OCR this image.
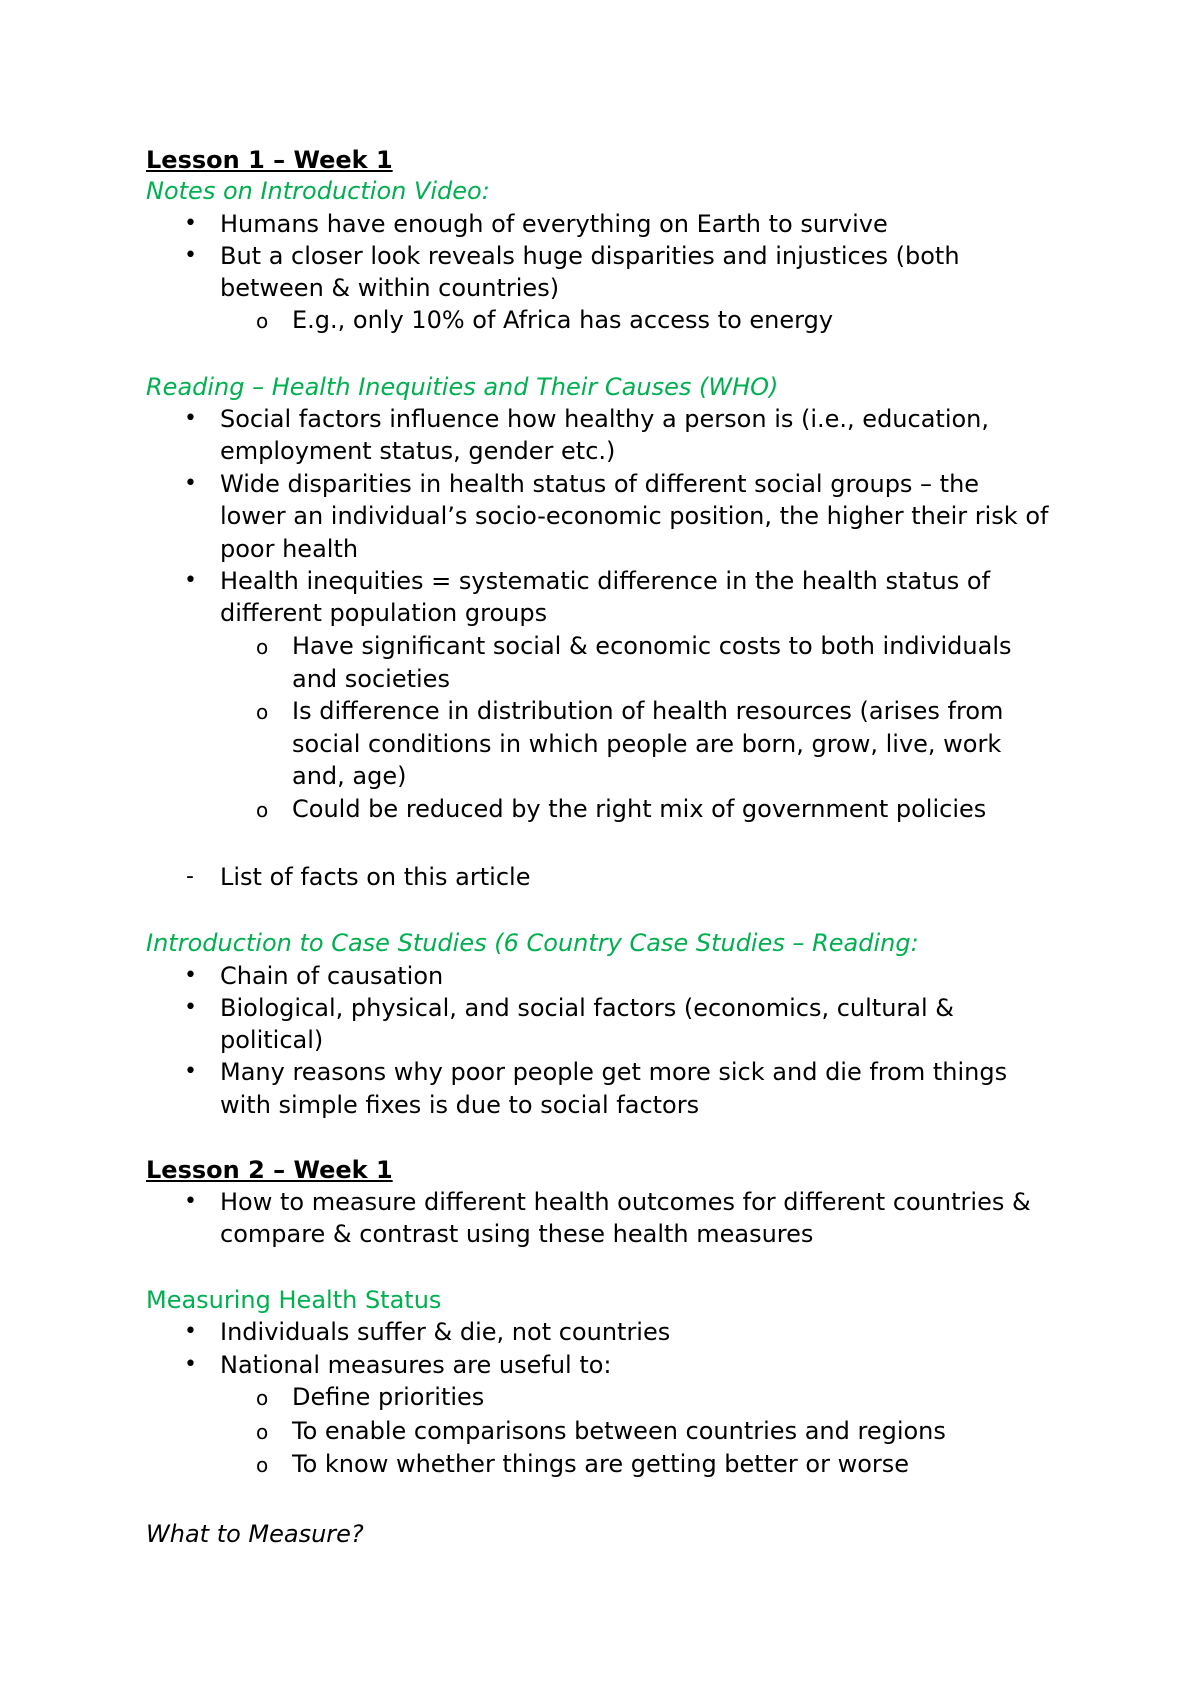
Lesson 1 – Week 1

Notes on Introduction Video:

• Humans have enough of everything on Earth to survive

• But a closer look reveals huge disparities and injustices (both

between & within countries)

o E.g., only 10% of Africa has access to energy

Reading – Health Inequities and Their Causes (WHO)

• Social factors influence how healthy a person is (i.e., education,

employment status, gender etc.)

• Wide disparities in health status of different social groups – the

lower an individual’s socio-economic position, the higher their risk of

poor health

• Health inequities = systematic difference in the health status of

different population groups

o Have significant social & economic costs to both individuals

and societies

o Is difference in distribution of health resources (arises from

social conditions in which people are born, grow, live, work

and, age)

o Could be reduced by the right mix of government policies

- List of facts on this article

Introduction to Case Studies (6 Country Case Studies – Reading:

• Chain of causation

• Biological, physical, and social factors (economics, cultural &

political)

• Many reasons why poor people get more sick and die from things

with simple fixes is due to social factors

Lesson 2 – Week 1

• How to measure different health outcomes for different countries &

compare & contrast using these health measures

Measuring Health Status

• Individuals suffer & die, not countries

• National measures are useful to:

o Define priorities

o To enable comparisons between countries and regions

o To know whether things are getting better or worse

What to Measure?
